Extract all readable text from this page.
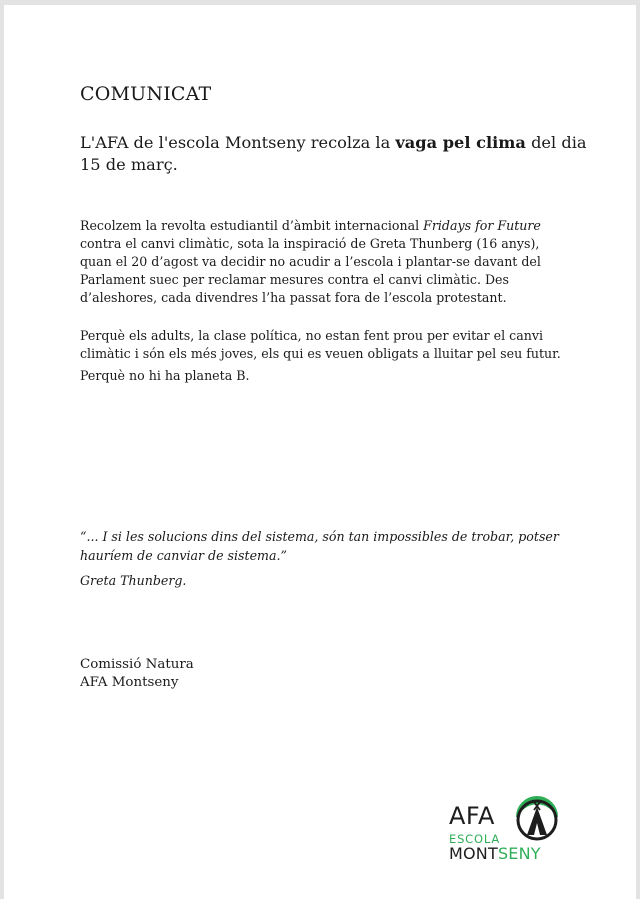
COMUNICAT
L'AFA de l'escola Montseny recolza la vaga pel clima del dia
15 de març.
Recolzem la revolta estudiantil d’àmbit internacional Fridays for Future
contra el canvi climàtic, sota la inspiració de Greta Thunberg (16 anys),
quan el 20 d’agost va decidir no acudir a l’escola i plantar-se davant del
Parlament suec per reclamar mesures contra el canvi climàtic. Des
d’aleshores, cada divendres l’ha passat fora de l’escola protestant.
Perquè els adults, la clase política, no estan fent prou per evitar el canvi
climàtic i són els més joves, els qui es veuen obligats a lluitar pel seu futur.
Perquè no hi ha planeta B.
“... I si les solucions dins del sistema, són tan impossibles de trobar, potser
hauríem de canviar de sistema.”
Greta Thunberg.
Comissió Natura
AFA Montseny
AFA
ESCOLA
MONTSENY
